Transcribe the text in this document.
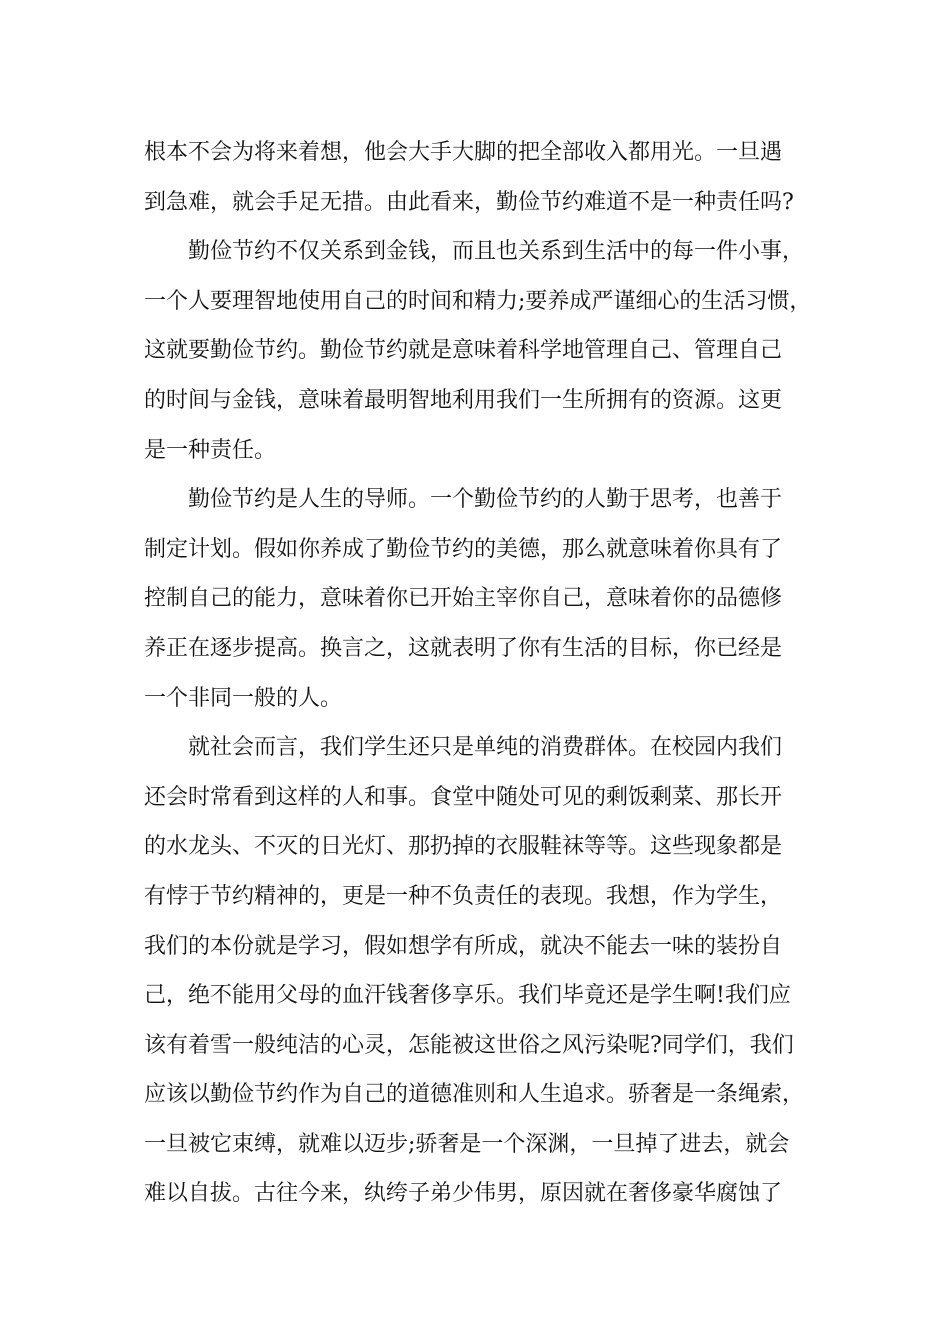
根本不会为将来着想，他会大手大脚的把全部收入都用光。一旦遇
到急难，就会手足无措。由此看来，勤俭节约难道不是一种责任吗?
勤俭节约不仅关系到金钱，而且也关系到生活中的每一件小事，
一个人要理智地使用自己的时间和精力;要养成严谨细心的生活习惯，
这就要勤俭节约。勤俭节约就是意味着科学地管理自己、管理自己
的时间与金钱，意味着最明智地利用我们一生所拥有的资源。这更
是一种责任。
勤俭节约是人生的导师。一个勤俭节约的人勤于思考，也善于
制定计划。假如你养成了勤俭节约的美德，那么就意味着你具有了
控制自己的能力，意味着你已开始主宰你自己，意味着你的品德修
养正在逐步提高。换言之，这就表明了你有生活的目标，你已经是
一个非同一般的人。
就社会而言，我们学生还只是单纯的消费群体。在校园内我们
还会时常看到这样的人和事。食堂中随处可见的剩饭剩菜、那长开
的水龙头、不灭的日光灯、那扔掉的衣服鞋袜等等。这些现象都是
有悖于节约精神的，更是一种不负责任的表现。我想，作为学生，
我们的本份就是学习，假如想学有所成，就决不能去一味的装扮自
己，绝不能用父母的血汗钱奢侈享乐。我们毕竟还是学生啊!我们应
该有着雪一般纯洁的心灵，怎能被这世俗之风污染呢?同学们，我们
应该以勤俭节约作为自己的道德准则和人生追求。骄奢是一条绳索，
一旦被它束缚，就难以迈步;骄奢是一个深渊，一旦掉了进去，就会
难以自拔。古往今来，纨绔子弟少伟男，原因就在奢侈豪华腐蚀了
